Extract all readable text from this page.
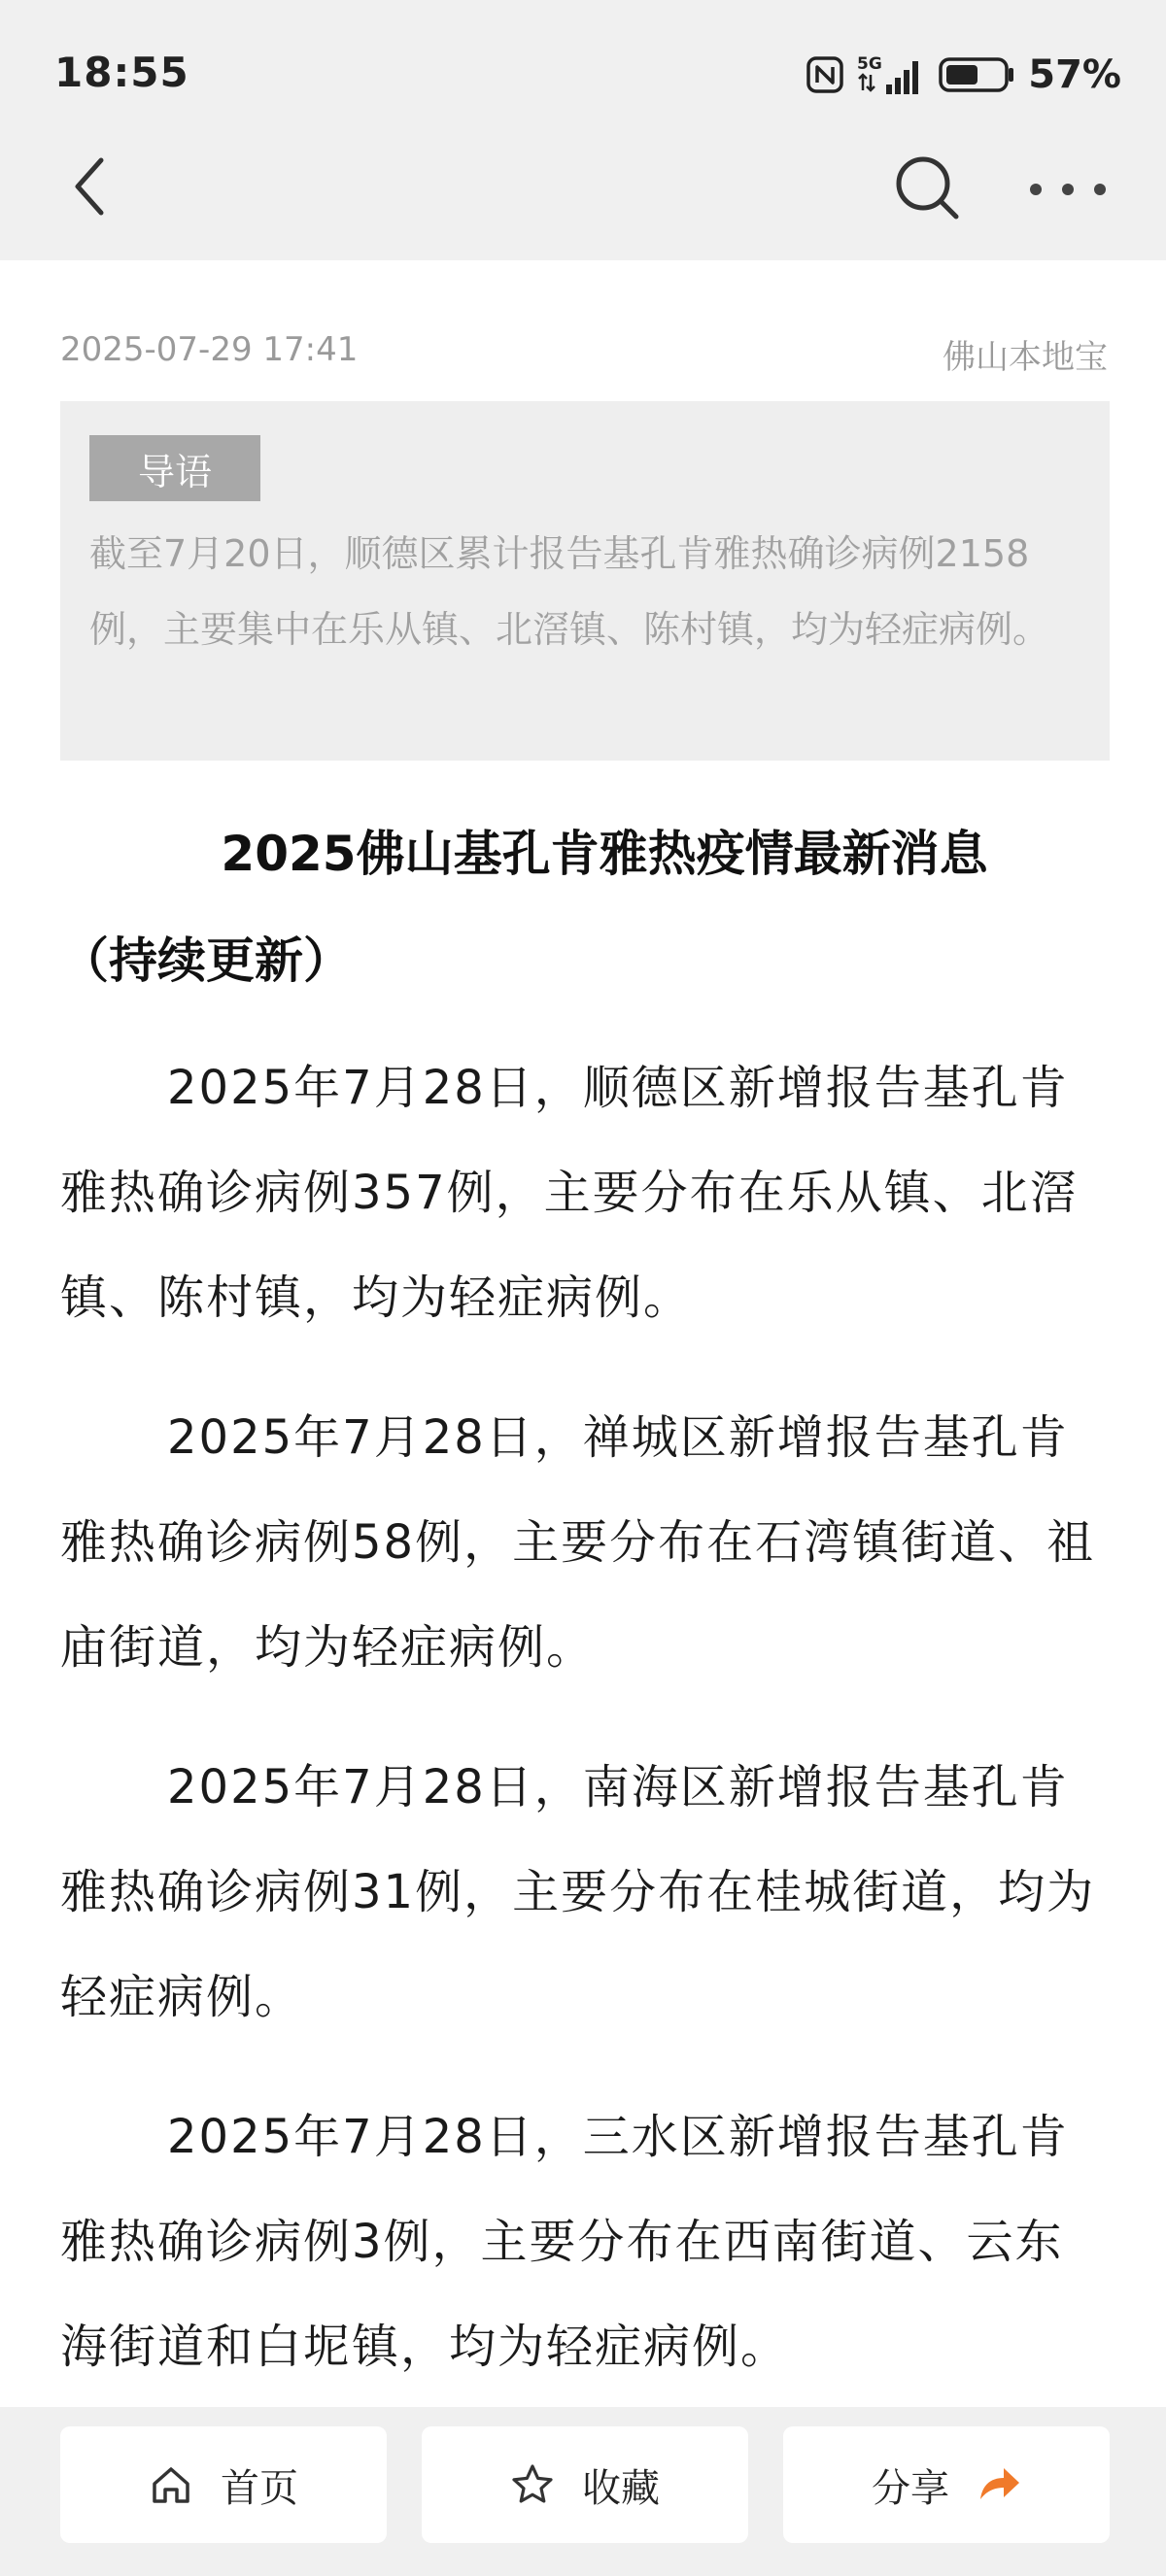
18:55	5G	57%
2025-07-29 17:41	佛山本地宝
导语
截至7月20日，顺德区累计报告基孔肯雅热确诊病例2158例，主要集中在乐从镇、北滘镇、陈村镇，均为轻症病例。
2025佛山基孔肯雅热疫情最新消息
（持续更新）

2025年7月28日，顺德区新增报告基孔肯雅热确诊病例357例，主要分布在乐从镇、北滘镇、陈村镇，均为轻症病例。

2025年7月28日，禅城区新增报告基孔肯雅热确诊病例58例，主要分布在石湾镇街道、祖庙街道，均为轻症病例。

2025年7月28日，南海区新增报告基孔肯雅热确诊病例31例，主要分布在桂城街道，均为轻症病例。

2025年7月28日，三水区新增报告基孔肯雅热确诊病例3例，主要分布在西南街道、云东海街道和白坭镇，均为轻症病例。

首页	收藏	分享
